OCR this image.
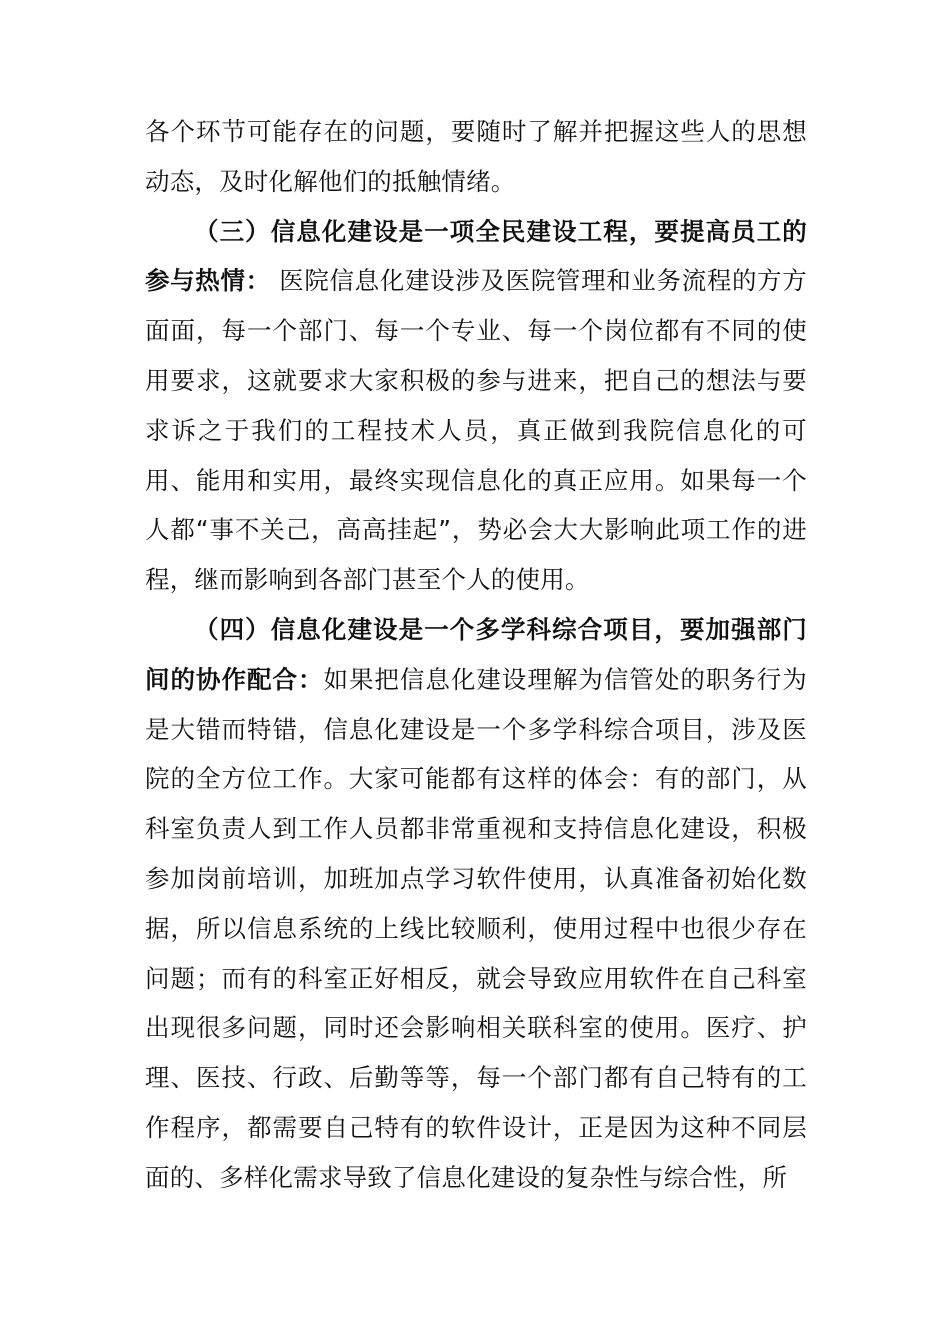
各个环节可能存在的问题，要随时了解并把握这些人的思想动态，及时化解他们的抵触情绪。

（三）信息化建设是一项全民建设工程，要提高员工的参与热情： 医院信息化建设涉及医院管理和业务流程的方方面面，每一个部门、每一个专业、每一个岗位都有不同的使用要求，这就要求大家积极的参与进来，把自己的想法与要求诉之于我们的工程技术人员，真正做到我院信息化的可用、能用和实用，最终实现信息化的真正应用。如果每一个人都“事不关己，高高挂起”，势必会大大影响此项工作的进程，继而影响到各部门甚至个人的使用。

（四）信息化建设是一个多学科综合项目，要加强部门间的协作配合：如果把信息化建设理解为信管处的职务行为是大错而特错，信息化建设是一个多学科综合项目，涉及医院的全方位工作。大家可能都有这样的体会：有的部门，从科室负责人到工作人员都非常重视和支持信息化建设，积极参加岗前培训，加班加点学习软件使用，认真准备初始化数据，所以信息系统的上线比较顺利，使用过程中也很少存在问题；而有的科室正好相反，就会导致应用软件在自己科室出现很多问题，同时还会影响相关联科室的使用。医疗、护理、医技、行政、后勤等等，每一个部门都有自己特有的工作程序，都需要自己特有的软件设计，正是因为这种不同层面的、多样化需求导致了信息化建设的复杂性与综合性，所
